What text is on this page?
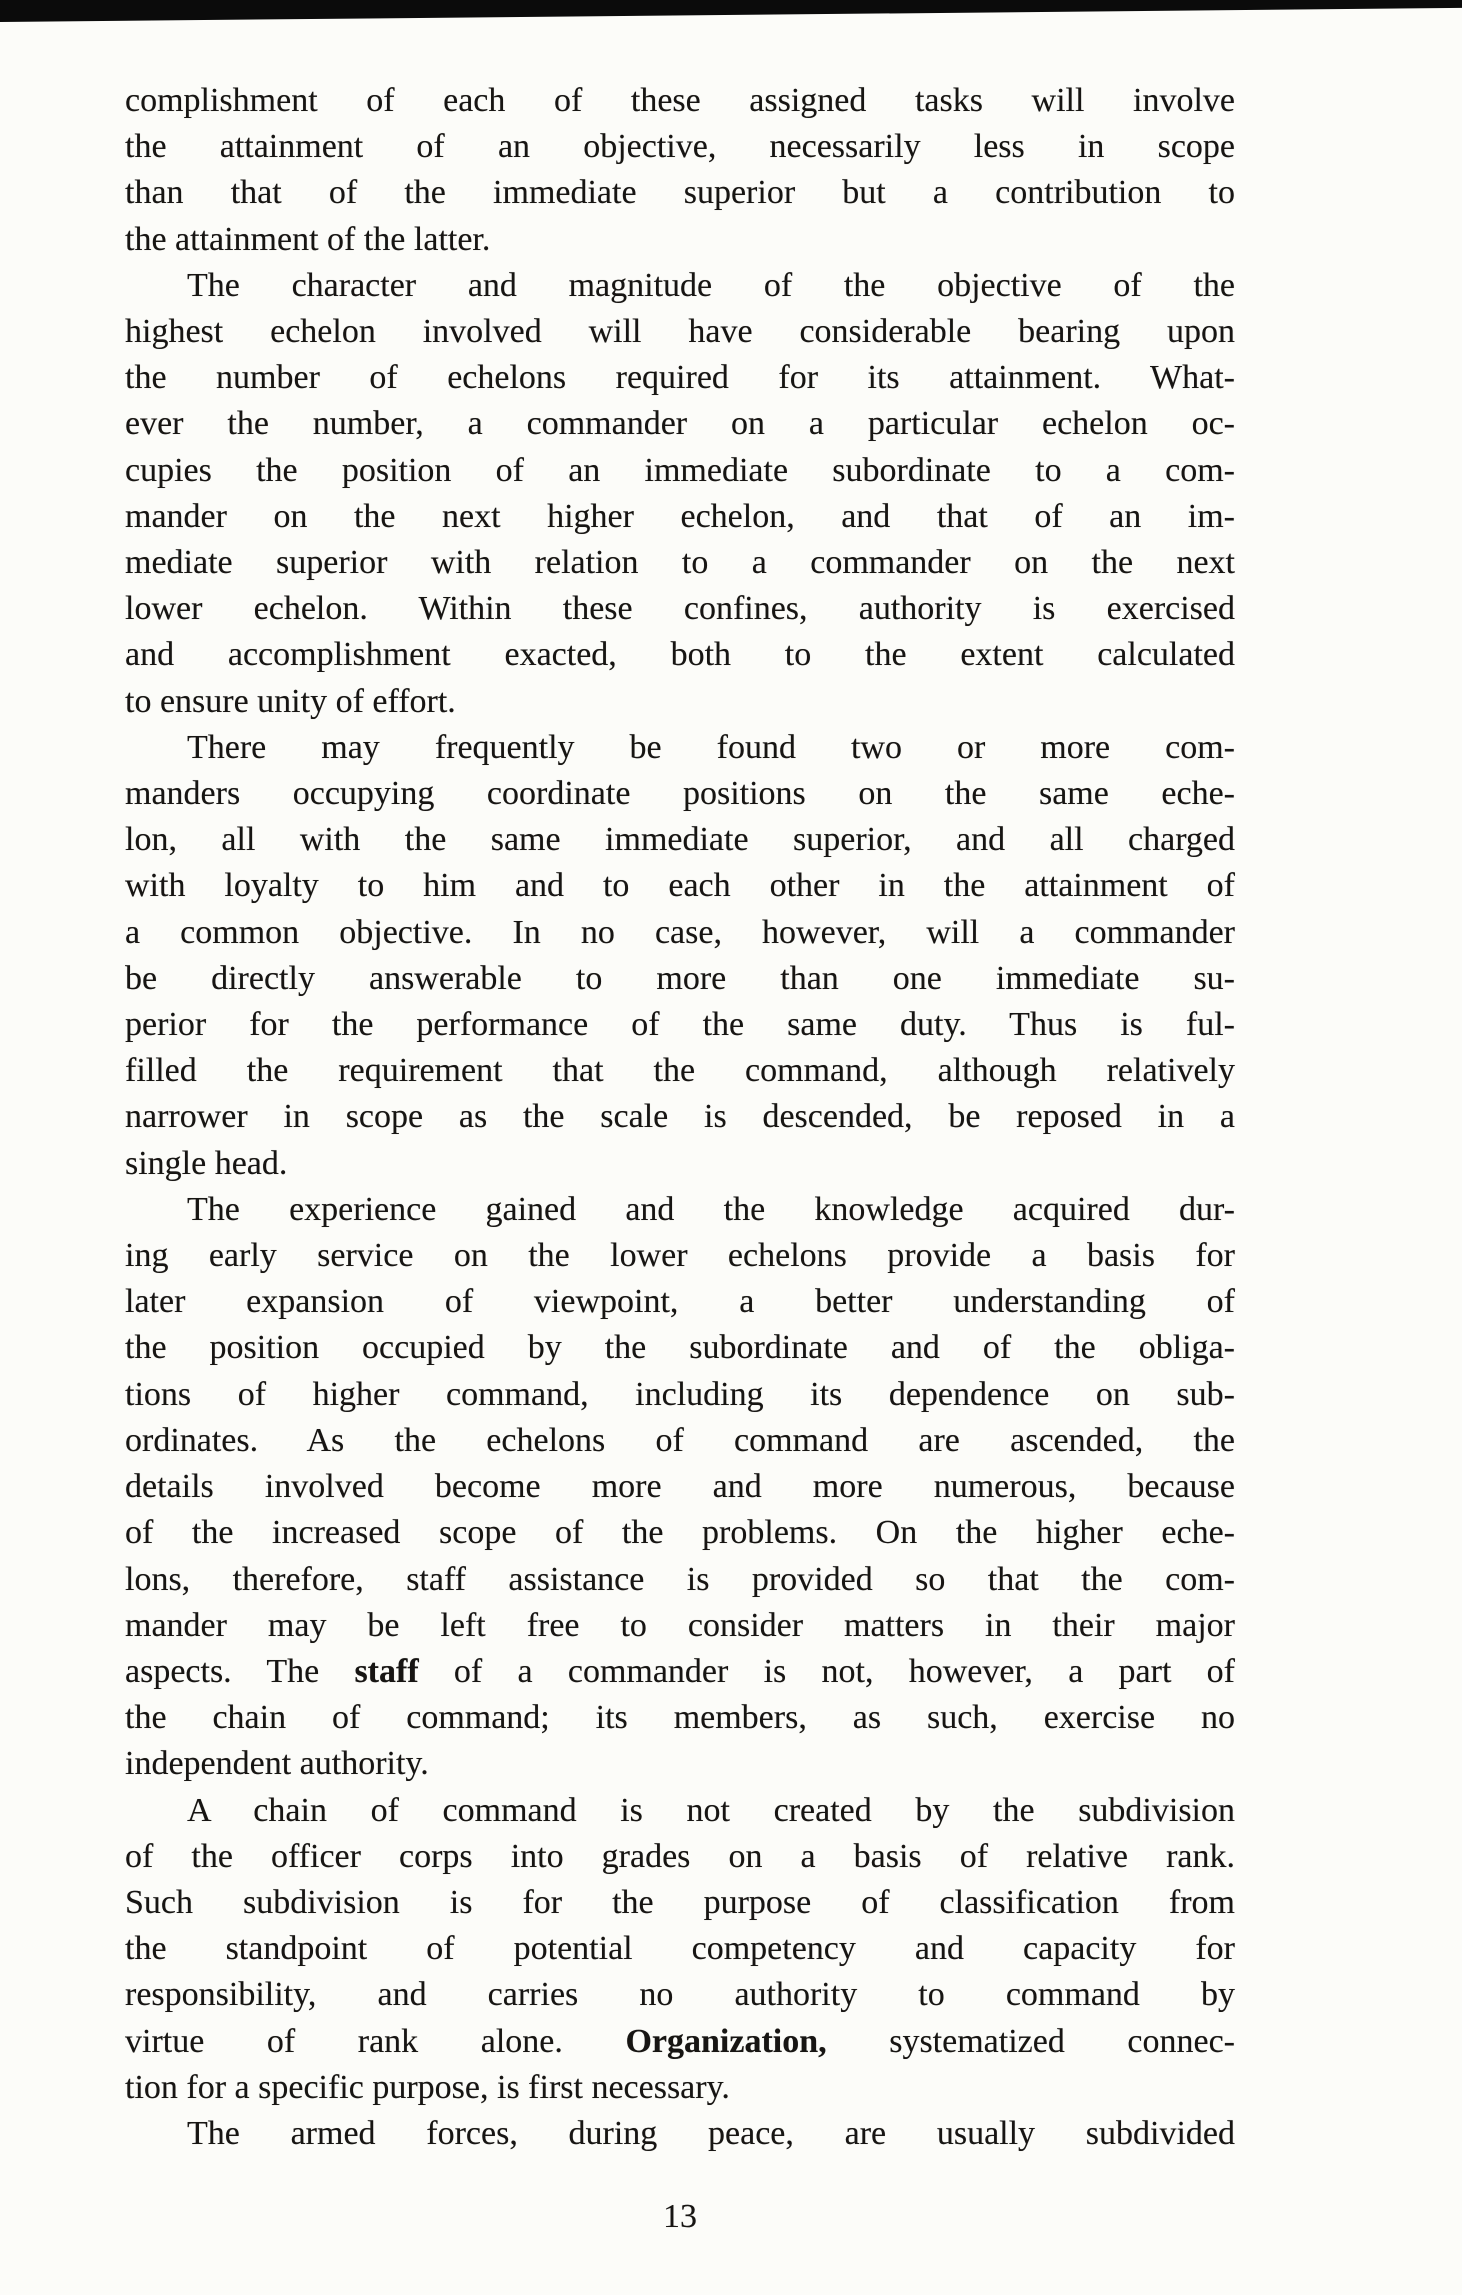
complishment of each of these assigned tasks will involve
the attainment of an objective, necessarily less in scope
than that of the immediate superior but a contribution to
the attainment of the latter.

The character and magnitude of the objective of the
highest echelon involved will have considerable bearing upon
the number of echelons required for its attainment. What-
ever the number, a commander on a particular echelon oc-
cupies the position of an immediate subordinate to a com-
mander on the next higher echelon, and that of an im-
mediate superior with relation to a commander on the next
lower echelon. Within these confines, authority is exercised
and accomplishment exacted, both to the extent calculated
to ensure unity of effort.

There may frequently be found two or more com-
manders occupying coordinate positions on the same eche-
lon, all with the same immediate superior, and all charged
with loyalty to him and to each other in the attainment of
a common objective. In no case, however, will a commander
be directly answerable to more than one immediate su-
perior for the performance of the same duty. Thus is ful-
filled the requirement that the command, although relatively
narrower in scope as the scale is descended, be reposed in a
single head.

The experience gained and the knowledge acquired dur-
ing early service on the lower echelons provide a basis for
later expansion of viewpoint, a better understanding of
the position occupied by the subordinate and of the obliga-
tions of higher command, including its dependence on sub-
ordinates. As the echelons of command are ascended, the
details involved become more and more numerous, because
of the increased scope of the problems. On the higher eche-
lons, therefore, staff assistance is provided so that the com-
mander may be left free to consider matters in their major
aspects. The staff of a commander is not, however, a part of
the chain of command; its members, as such, exercise no
independent authority.

A chain of command is not created by the subdivision
of the officer corps into grades on a basis of relative rank.
Such subdivision is for the purpose of classification from
the standpoint of potential competency and capacity for
responsibility, and carries no authority to command by
virtue of rank alone. Organization, systematized connec-
tion for a specific purpose, is first necessary.

The armed forces, during peace, are usually subdivided

13
